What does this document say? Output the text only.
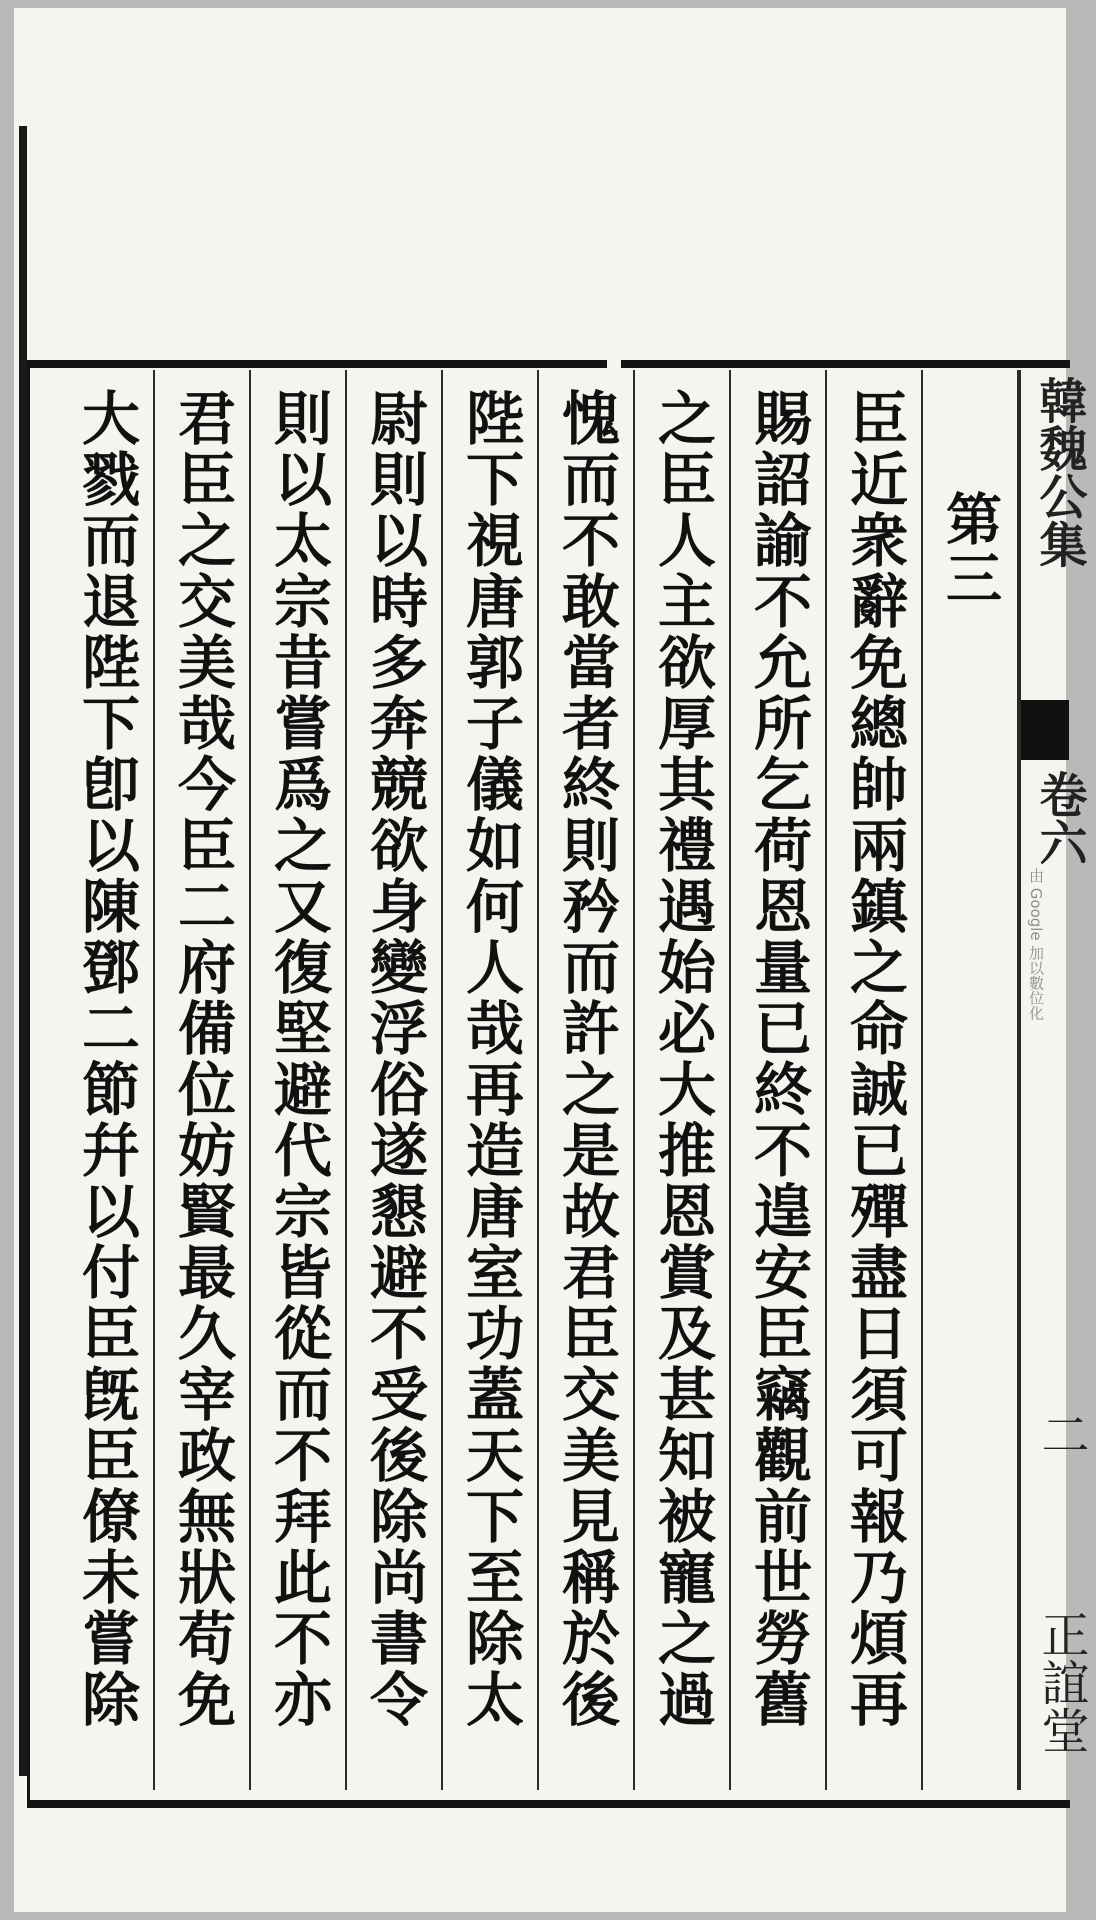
第三
臣近衆辭免總帥兩鎮之命誠已殫盡日須可報乃煩再
賜詔諭不允所乞荷恩量已終不遑安臣竊觀前世勞舊
之臣人主欲厚其禮遇始必大推恩賞及甚知被寵之過
愧而不敢當者終則矜而許之是故君臣交美見稱於後
陛下視唐郭子儀如何人哉再造唐室功蓋天下至除太
尉則以時多奔競欲身變浮俗遂懇避不受後除尚書令
則以太宗昔嘗爲之又復堅避代宗皆從而不拜此不亦
君臣之交美哉今臣二府備位妨賢最久宰政無狀苟免
大戮而退陛下卽以陳鄧二節幷以付臣旣臣僚未嘗除	韓魏公集
卷六
二
正誼堂
由 Google 加以數位化
